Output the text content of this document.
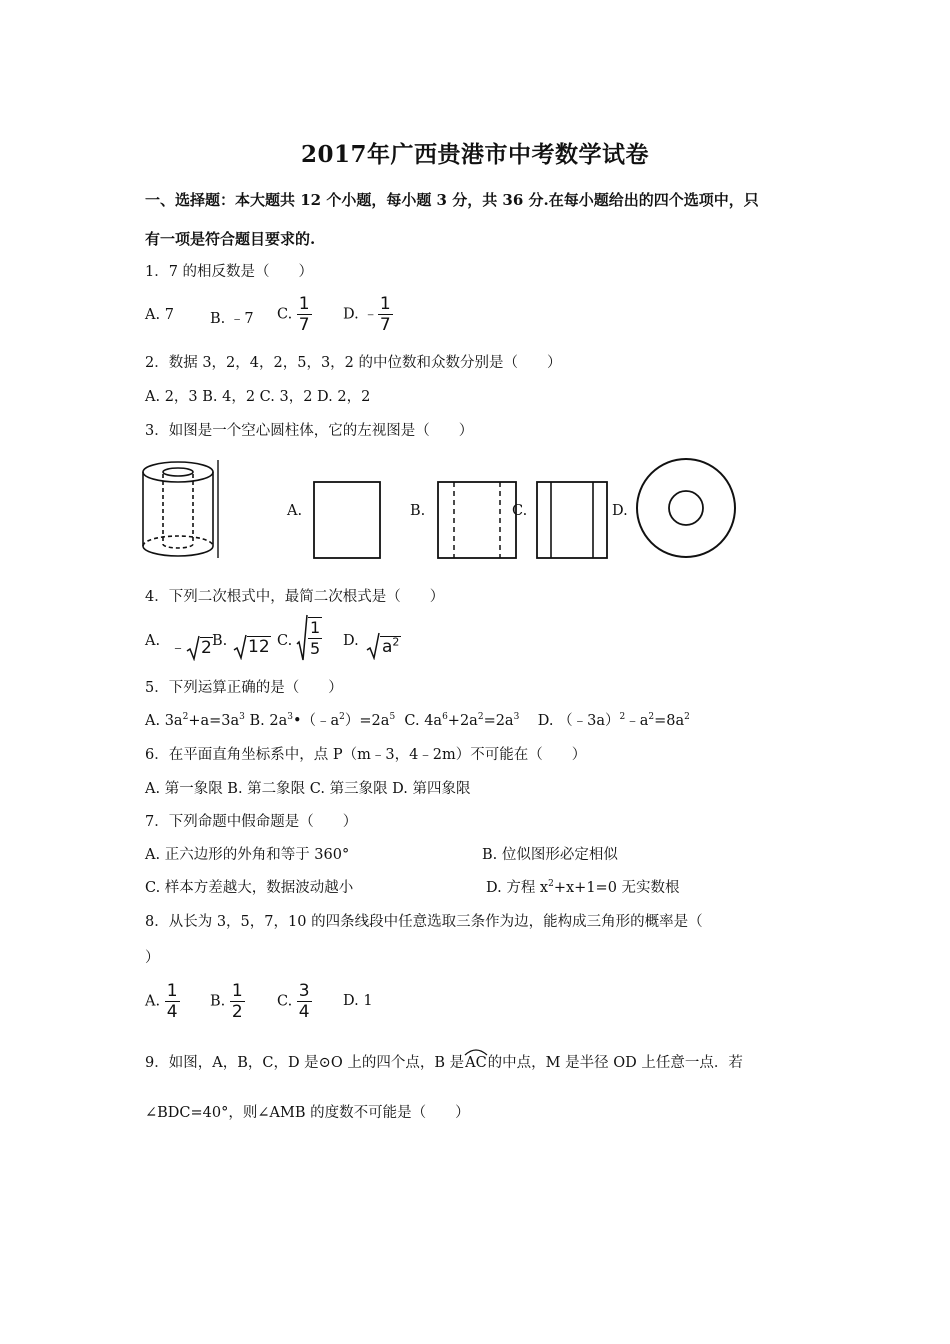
2017年广西贵港市中考数学试卷
一、选择题：本大题共 12 个小题，每小题 3 分，共 36 分.在每小题给出的四个选项中，只
有一项是符合题目要求的.
1．7 的相反数是（　　）
A. 7 B. ﹣7 C. $\frac{1}{7} D$. ﹣ $\frac{1}{7}$
2．数据 3，2，4，2，5，3，2 的中位数和众数分别是（　　）
A. 2，3 B. 4，2 C. 3，2 D. 2，2
3．如图是一个空心圆柱体，它的左视图是（　　）
A.	B.	C.	D.
4．下列二次根式中，最简二次根式是（　　）
A. ﹣ 2 B.	12 C. $\frac{1}{5} D$.	$a^2$
5．下列运算正确的是（　　）
A. $3a^2+a=3a^3$ B. $2a^3•(﹣a^2)=2a^5$ C. $4a^6+2a^2=2a^3$ D. $(﹣3a)^2﹣a^2=8a^2$
6．在平面直角坐标系中，点 P（m﹣3，4﹣2m）不可能在（　　）
A. 第一象限 B. 第二象限 C. 第三象限 D. 第四象限
7．下列命题中假命题是（　　）
A. 正六边形的外角和等于 360°	B. 位似图形必定相似
C. 样本方差越大，数据波动越小	D. 方程 $x^2+x+1=0$ 无实数根
8．从长为 3，5，7，10 的四条线段中任意选取三条作为边，能构成三角形的概率是（
）
A. $\frac{1}{4} B$. $\frac{1}{2} C$. $\frac{3}{4} D$. 1
9．如图，A，B，C，D 是⊙O 上的四个点，B 是
AC的中点，M 是半径 OD 上任意一点．若
∠BDC=40°，则∠AMB 的度数不可能是（　　）
